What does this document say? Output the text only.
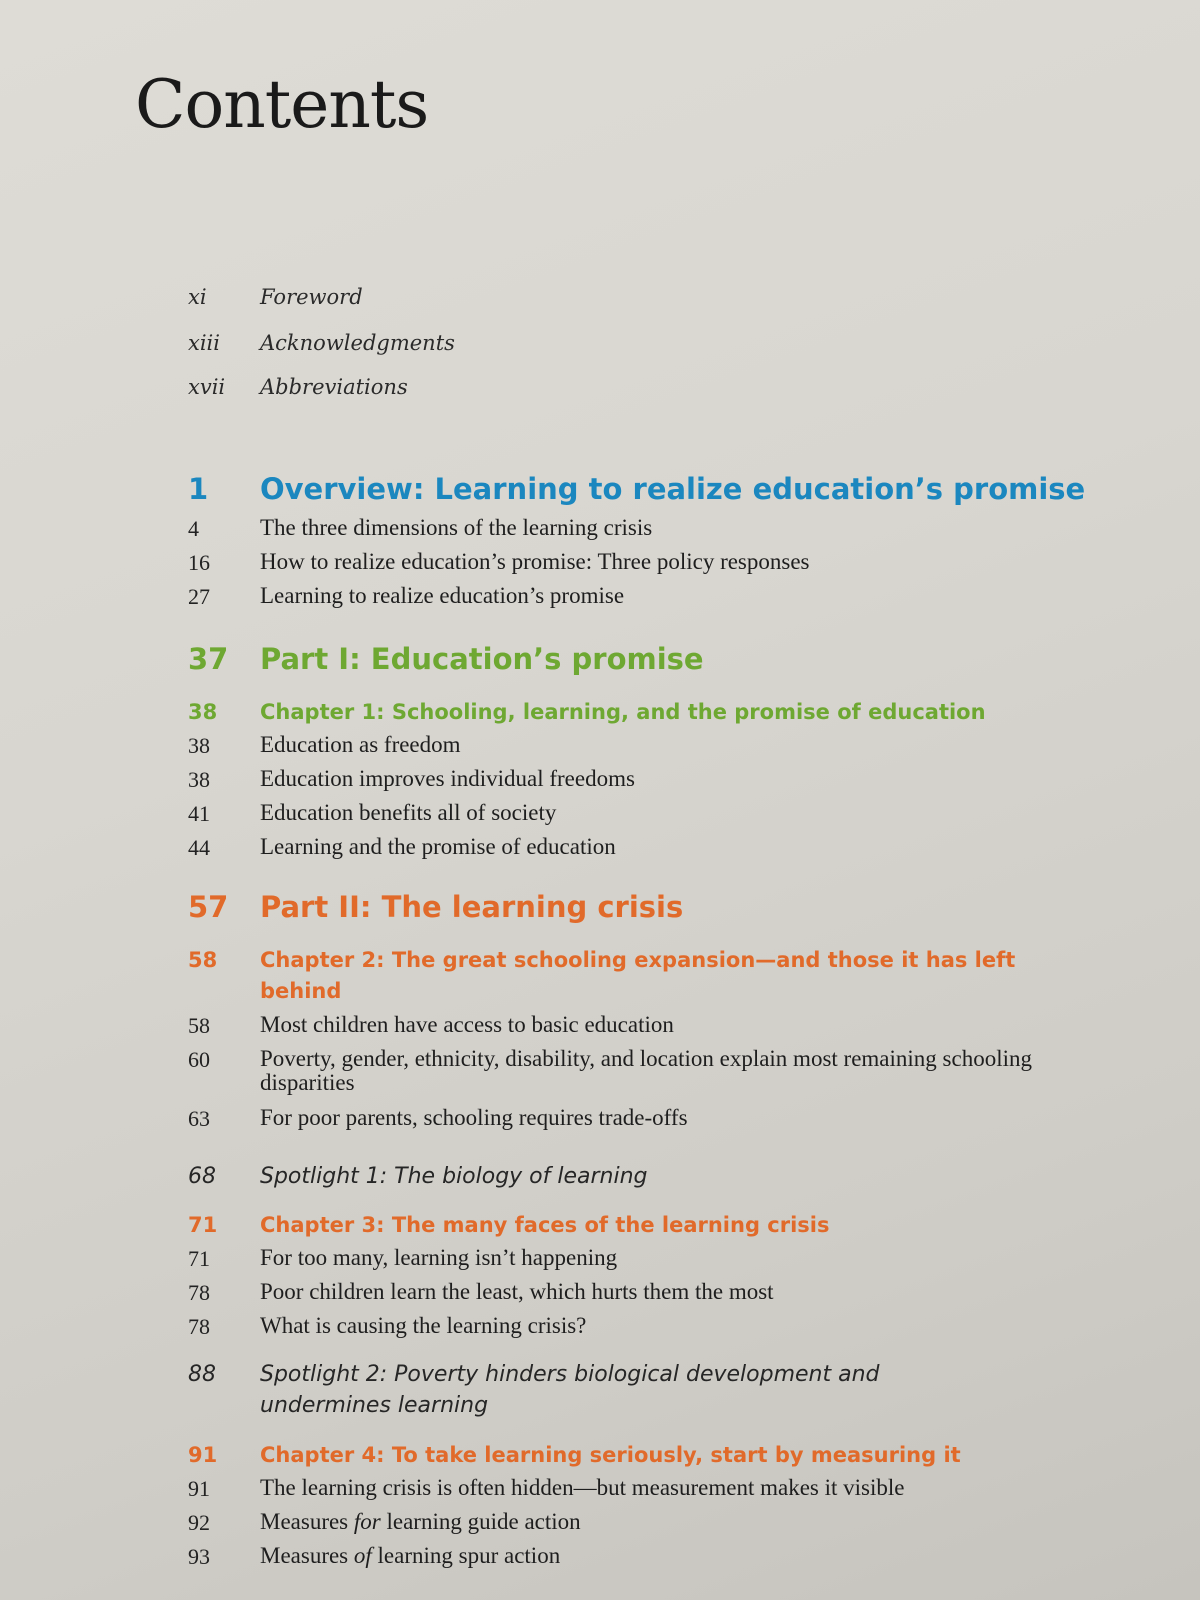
Contents
xi	Foreword
xiii Acknowledgments
xvii Abbreviations
1 Overview: Learning to realize education’s promise
4	The three dimensions of the learning crisis
16 How to realize education’s promise: Three policy responses
27 Learning to realize education’s promise
37 Part I: Education’s promise
38 Chapter 1: Schooling, learning, and the promise of education
38 Education as freedom
38 Education improves individual freedoms
41 Education benefits all of society
44 Learning and the promise of education
57 Part II: The learning crisis
58 Chapter 2: The great schooling expansion—and those it has left behind
58 Most children have access to basic education
60 Poverty, gender, ethnicity, disability, and location explain most remaining schooling disparities
63 For poor parents, schooling requires trade-offs
68 Spotlight 1: The biology of learning
71 Chapter 3: The many faces of the learning crisis
71 For too many, learning isn’t happening
78 Poor children learn the least, which hurts them the most
78 What is causing the learning crisis?
88 Spotlight 2: Poverty hinders biological development and undermines learning
91 Chapter 4: To take learning seriously, start by measuring it
91 The learning crisis is often hidden—but measurement makes it visible
92 Measures for learning guide action
93 Measures of learning spur action
